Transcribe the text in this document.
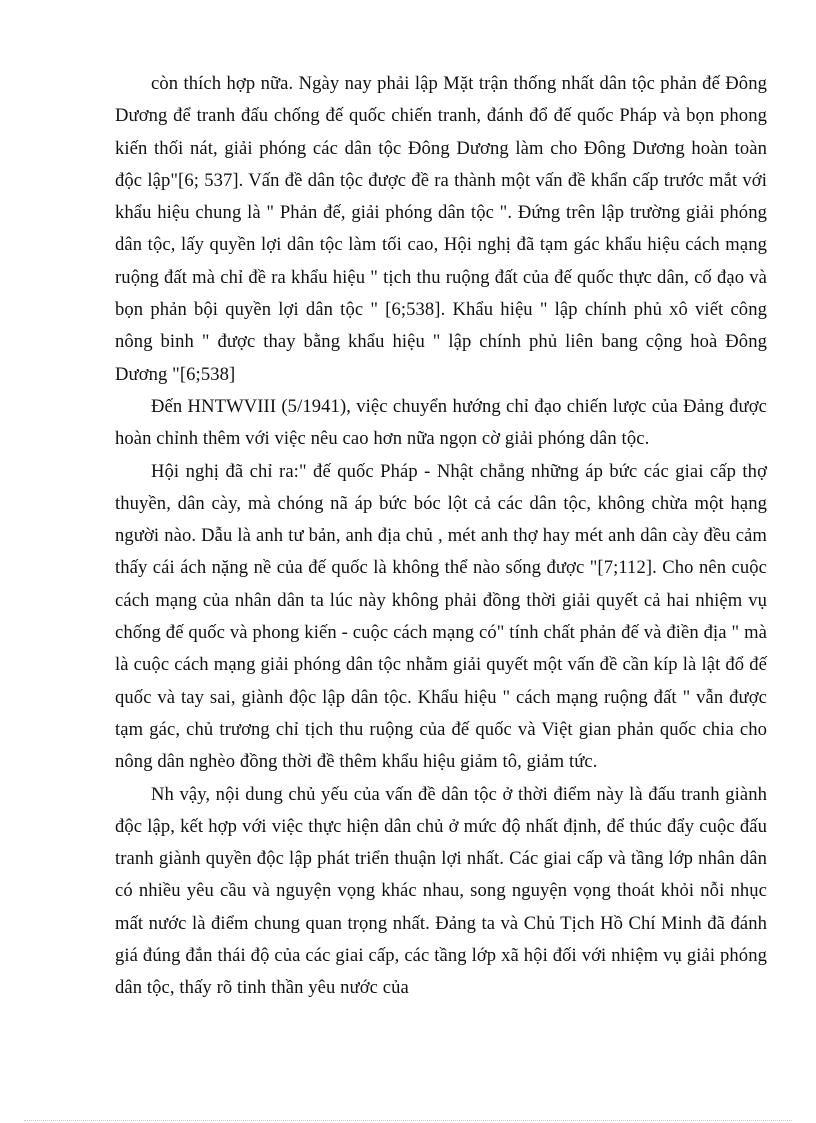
còn thích hợp nữa. Ngày nay phải lập Mặt trận thống nhất dân tộc phản đế Đông Dương để tranh đấu chống đế quốc chiến tranh, đánh đổ đế quốc Pháp và bọn phong kiến thối nát, giải phóng các dân tộc Đông Dương làm cho Đông Dương hoàn toàn độc lập"[6; 537]. Vấn đề dân tộc được đề ra thành một vấn đề khẩn cấp trước mắt với khẩu hiệu chung là " Phản đế, giải phóng dân tộc ". Đứng trên lập trường giải phóng dân tộc, lấy quyền lợi dân tộc làm tối cao, Hội nghị đã tạm gác khẩu hiệu cách mạng ruộng đất mà chỉ đề ra khẩu hiệu " tịch thu ruộng đất của đế quốc thực dân, cố đạo và bọn phản bội quyền lợi dân tộc " [6;538]. Khẩu hiệu " lập chính phủ xô viết công nông binh " được thay bằng khẩu hiệu " lập chính phủ liên bang cộng hoà Đông Dương "[6;538]

Đến HNTWVIII (5/1941), việc chuyển hướng chỉ đạo chiến lược của Đảng được hoàn chỉnh thêm với việc nêu cao hơn nữa ngọn cờ giải phóng dân tộc.

Hội nghị đã chỉ ra:" đế quốc Pháp - Nhật chẳng những áp bức các giai cấp thợ thuyền, dân cày, mà chóng nã áp bức bóc lột cả các dân tộc, không chừa một hạng người nào. Dẫu là anh tư bản, anh địa chủ , mét anh thợ hay mét anh dân cày đều cảm thấy cái ách nặng nề của đế quốc là không thể nào sống được "[7;112]. Cho nên cuộc cách mạng của nhân dân ta lúc này không phải đồng thời giải quyết cả hai nhiệm vụ chống đế quốc và phong kiến - cuộc cách mạng có" tính chất phản đế và điền địa " mà là cuộc cách mạng giải phóng dân tộc nhằm giải quyết một vấn đề cần kíp là lật đổ đế quốc và tay sai, giành độc lập dân tộc. Khẩu hiệu " cách mạng ruộng đất " vẫn được tạm gác, chủ trương chỉ tịch thu ruộng của đế quốc và Việt gian phản quốc chia cho nông dân nghèo đồng thời đề thêm khẩu hiệu giảm tô, giảm tức.

Nh vậy, nội dung chủ yếu của vấn đề dân tộc ở thời điểm này là đấu tranh giành độc lập, kết hợp với việc thực hiện dân chủ ở mức độ nhất định, để thúc đẩy cuộc đấu tranh giành quyền độc lập phát triển thuận lợi nhất. Các giai cấp và tầng lớp nhân dân có nhiều yêu cầu và nguyện vọng khác nhau, song nguyện vọng thoát khỏi nỗi nhục mất nước là điểm chung quan trọng nhất. Đảng ta và Chủ Tịch Hồ Chí Minh đã đánh giá đúng đắn thái độ của các giai cấp, các tầng lớp xã hội đối với nhiệm vụ giải phóng dân tộc, thấy rõ tinh thần yêu nước của
